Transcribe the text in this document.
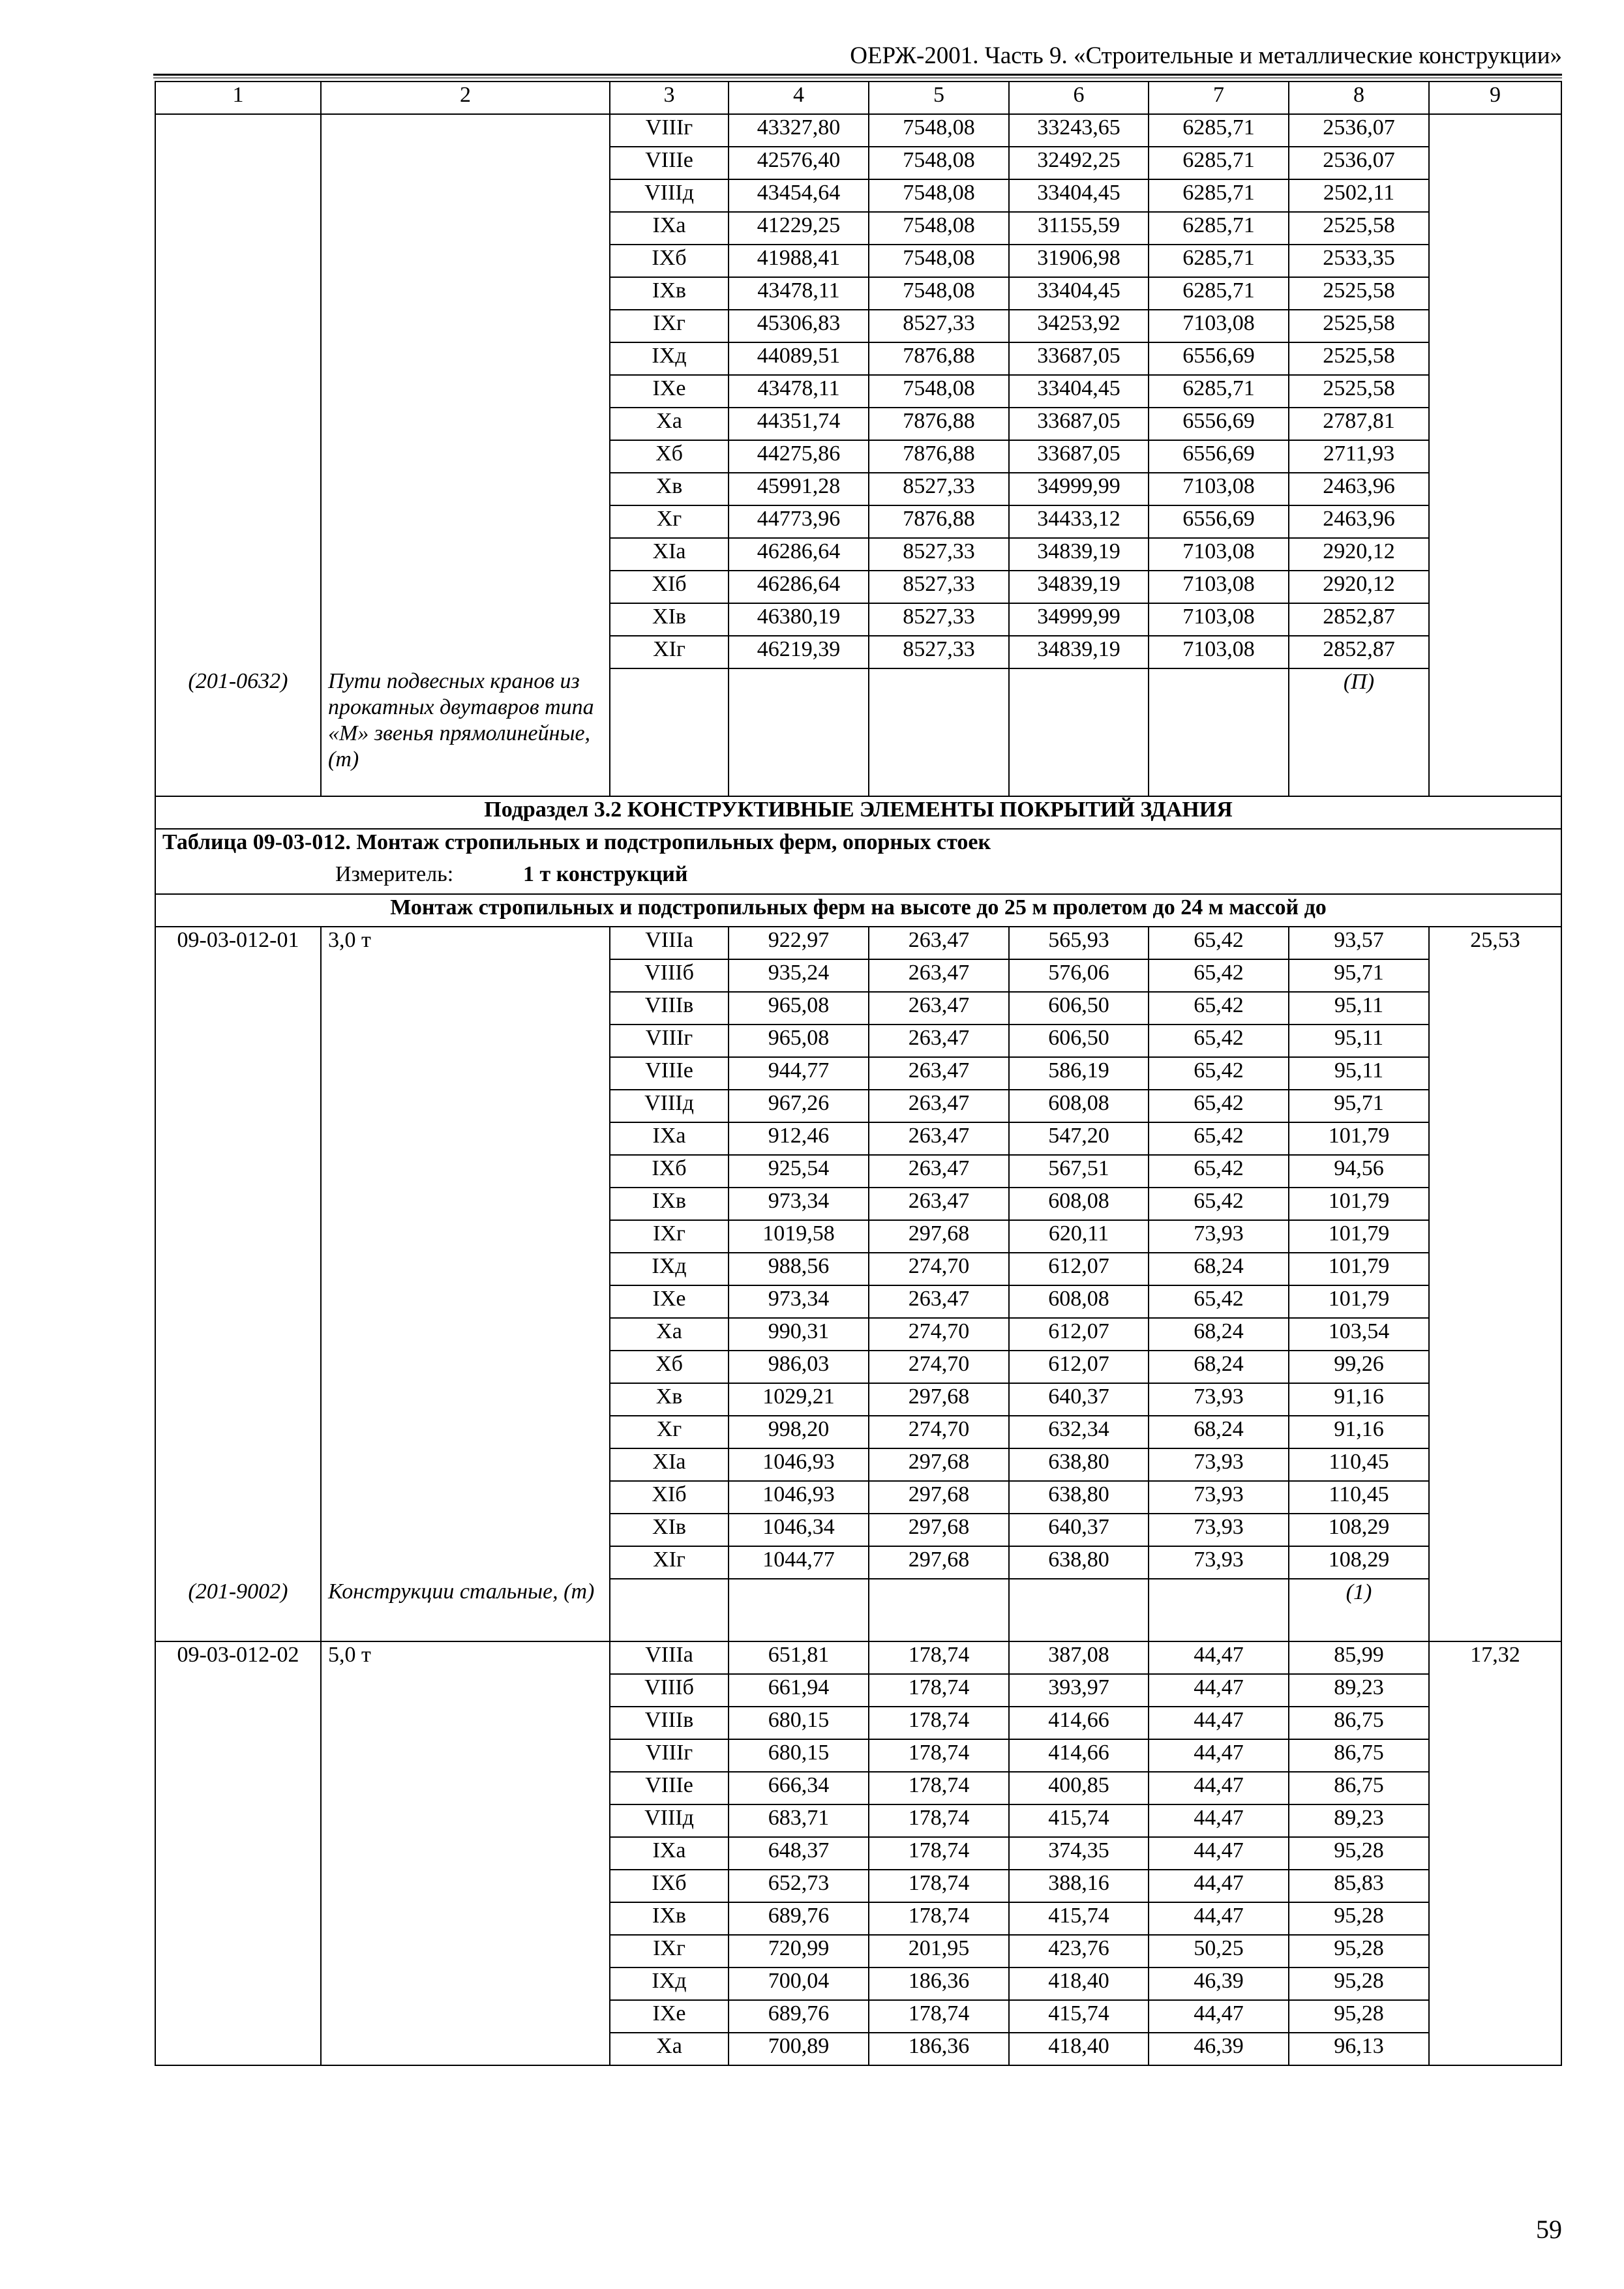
ОЕРЖ-2001. Часть 9. «Строительные и металлические конструкции»
1	2	3	4	5	6	7	8	9
		VIIIг	43327,80	7548,08	33243,65	6285,71	2536,07	
		VIIIе	42576,40	7548,08	32492,25	6285,71	2536,07	
		VIIIд	43454,64	7548,08	33404,45	6285,71	2502,11	
		IXа	41229,25	7548,08	31155,59	6285,71	2525,58	
		IXб	41988,41	7548,08	31906,98	6285,71	2533,35	
		IXв	43478,11	7548,08	33404,45	6285,71	2525,58	
		IXг	45306,83	8527,33	34253,92	7103,08	2525,58	
		IXд	44089,51	7876,88	33687,05	6556,69	2525,58	
		IXе	43478,11	7548,08	33404,45	6285,71	2525,58	
		Xа	44351,74	7876,88	33687,05	6556,69	2787,81	
		Xб	44275,86	7876,88	33687,05	6556,69	2711,93	
		Xв	45991,28	8527,33	34999,99	7103,08	2463,96	
		Xг	44773,96	7876,88	34433,12	6556,69	2463,96	
		XIа	46286,64	8527,33	34839,19	7103,08	2920,12	
		XIб	46286,64	8527,33	34839,19	7103,08	2920,12	
		XIв	46380,19	8527,33	34999,99	7103,08	2852,87	
		XIг	46219,39	8527,33	34839,19	7103,08	2852,87	
(201-0632)	Пути подвесных кранов из прокатных двутавров типа «М» звенья прямолинейные, (т)						(П)	
Подраздел 3.2 КОНСТРУКТИВНЫЕ ЭЛЕМЕНТЫ ПОКРЫТИЙ ЗДАНИЯ								
Таблица 09-03-012. Монтаж стропильных и подстропильных ферм, опорных стоек								
Измеритель: 1 т конструкций								
Монтаж стропильных и подстропильных ферм на высоте до 25 м пролетом до 24 м массой до								
09-03-012-01	3,0 т	VIIIа	922,97	263,47	565,93	65,42	93,57	25,53
		VIIIб	935,24	263,47	576,06	65,42	95,71	
		VIIIв	965,08	263,47	606,50	65,42	95,11	
		VIIIг	965,08	263,47	606,50	65,42	95,11	
		VIIIе	944,77	263,47	586,19	65,42	95,11	
		VIIIд	967,26	263,47	608,08	65,42	95,71	
		IXа	912,46	263,47	547,20	65,42	101,79	
		IXб	925,54	263,47	567,51	65,42	94,56	
		IXв	973,34	263,47	608,08	65,42	101,79	
		IXг	1019,58	297,68	620,11	73,93	101,79	
		IXд	988,56	274,70	612,07	68,24	101,79	
		IXе	973,34	263,47	608,08	65,42	101,79	
		Xа	990,31	274,70	612,07	68,24	103,54	
		Xб	986,03	274,70	612,07	68,24	99,26	
		Xв	1029,21	297,68	640,37	73,93	91,16	
		Xг	998,20	274,70	632,34	68,24	91,16	
		XIа	1046,93	297,68	638,80	73,93	110,45	
		XIб	1046,93	297,68	638,80	73,93	110,45	
		XIв	1046,34	297,68	640,37	73,93	108,29	
		XIг	1044,77	297,68	638,80	73,93	108,29	
(201-9002)	Конструкции стальные, (т)						(1)	
09-03-012-02	5,0 т	VIIIа	651,81	178,74	387,08	44,47	85,99	17,32
		VIIIб	661,94	178,74	393,97	44,47	89,23	
		VIIIв	680,15	178,74	414,66	44,47	86,75	
		VIIIг	680,15	178,74	414,66	44,47	86,75	
		VIIIе	666,34	178,74	400,85	44,47	86,75	
		VIIIд	683,71	178,74	415,74	44,47	89,23	
		IXа	648,37	178,74	374,35	44,47	95,28	
		IXб	652,73	178,74	388,16	44,47	85,83	
		IXв	689,76	178,74	415,74	44,47	95,28	
		IXг	720,99	201,95	423,76	50,25	95,28	
		IXд	700,04	186,36	418,40	46,39	95,28	
		IXе	689,76	178,74	415,74	44,47	95,28	
		Xа	700,89	186,36	418,40	46,39	96,13	
59
